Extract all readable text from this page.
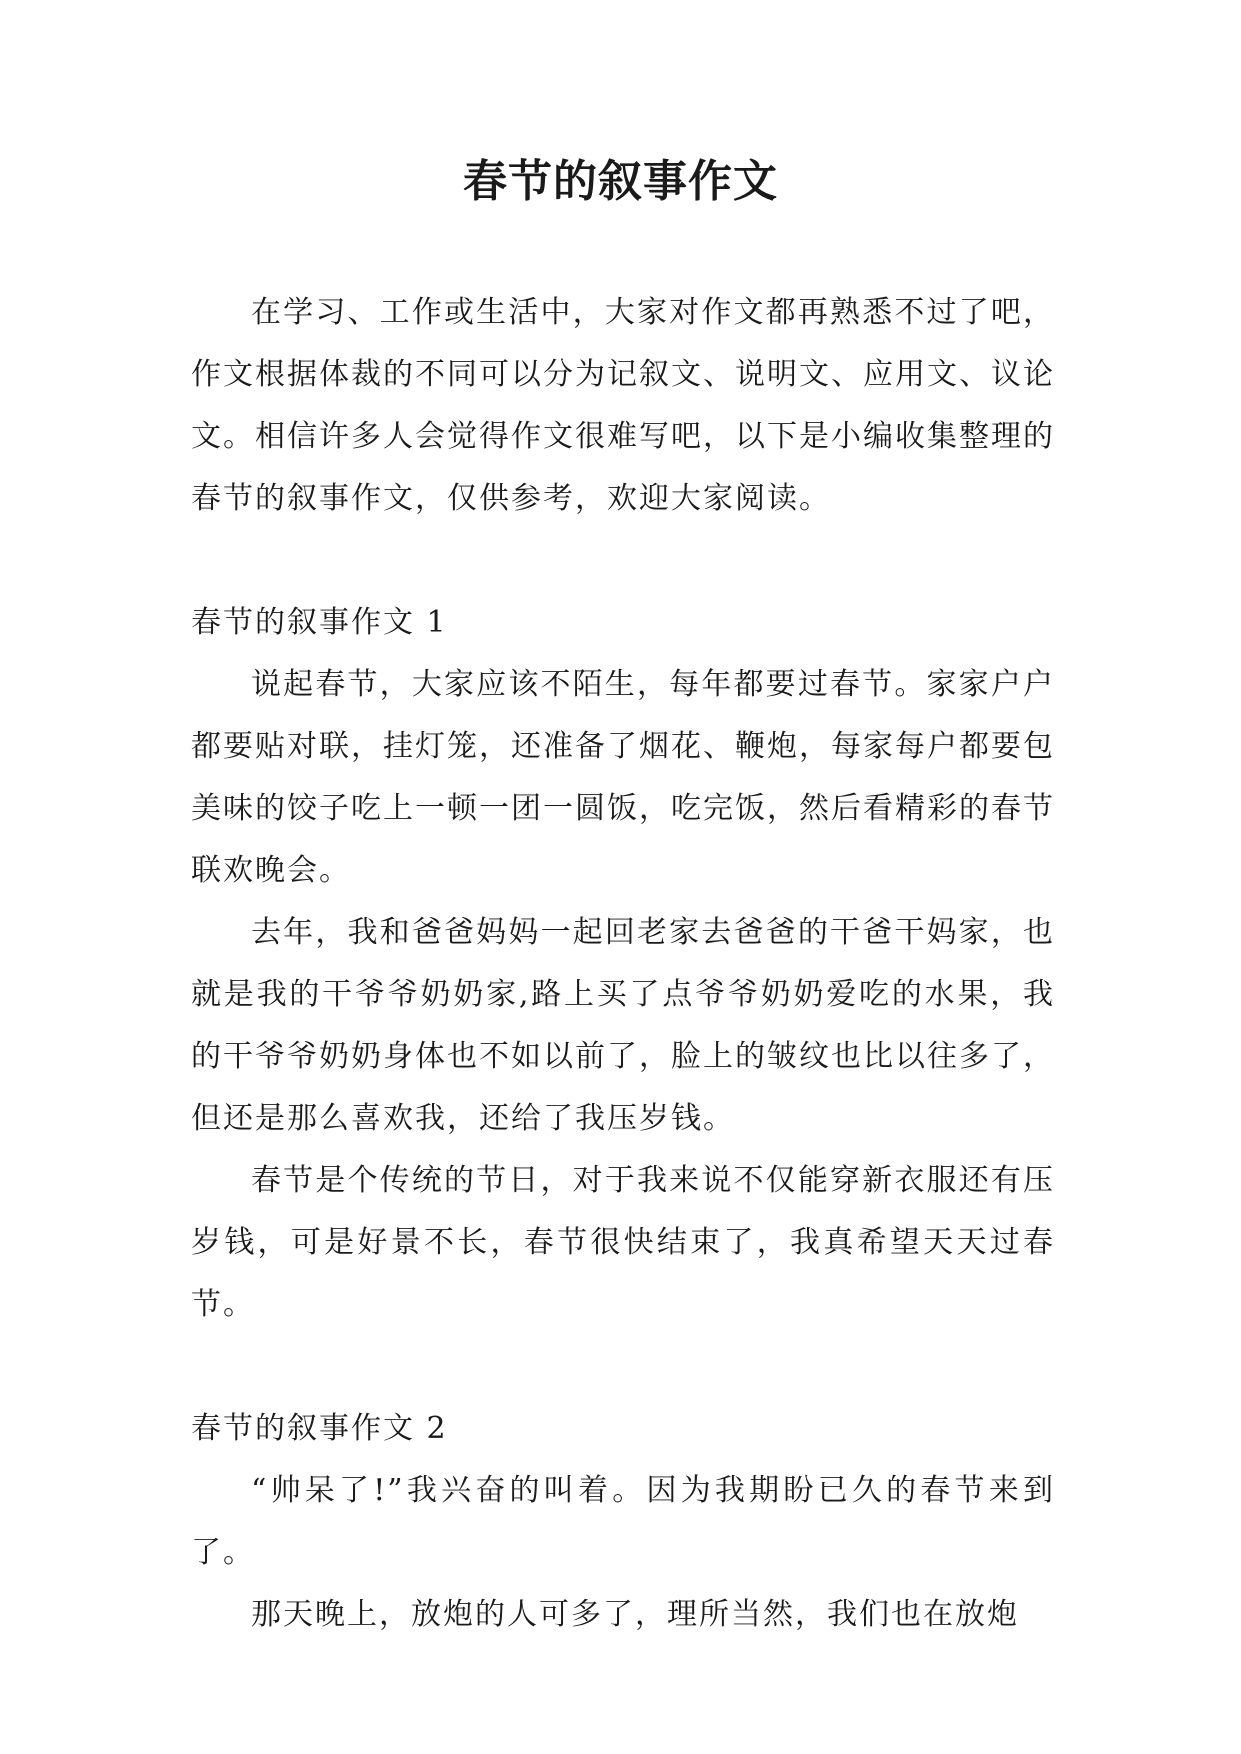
春节的叙事作文

在学习、工作或生活中，大家对作文都再熟悉不过了吧，作文根据体裁的不同可以分为记叙文、说明文、应用文、议论文。相信许多人会觉得作文很难写吧，以下是小编收集整理的春节的叙事作文，仅供参考，欢迎大家阅读。

春节的叙事作文 1

说起春节，大家应该不陌生，每年都要过春节。家家户户都要贴对联，挂灯笼，还准备了烟花、鞭炮，每家每户都要包美味的饺子吃上一顿一团一圆饭，吃完饭，然后看精彩的春节联欢晚会。

去年，我和爸爸妈妈一起回老家去爸爸的干爸干妈家，也就是我的干爷爷奶奶家,路上买了点爷爷奶奶爱吃的水果，我的干爷爷奶奶身体也不如以前了，脸上的皱纹也比以往多了，但还是那么喜欢我，还给了我压岁钱。

春节是个传统的节日，对于我来说不仅能穿新衣服还有压岁钱，可是好景不长，春节很快结束了，我真希望天天过春节。

春节的叙事作文 2

“帅呆了!”我兴奋的叫着。因为我期盼已久的春节来到了。

那天晚上，放炮的人可多了，理所当然，我们也在放炮
